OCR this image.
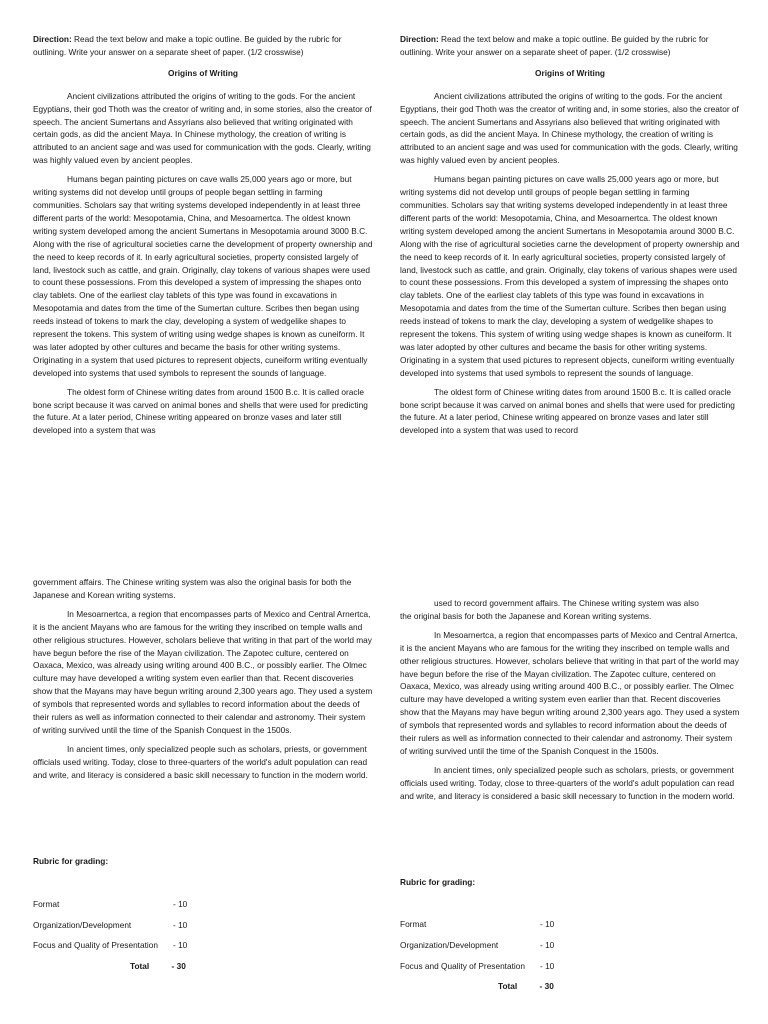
Direction: Read the text below and make a topic outline. Be guided by the rubric for outlining. Write your answer on a separate sheet of paper. (1/2 crosswise)

Origins of Writing

Ancient civilizations attributed the origins of writing to the gods. For the ancient Egyptians, their god Thoth was the creator of writing and, in some stories, also the creator of speech. The ancient Sumertans and Assyrians also believed that writing originated with certain gods, as did the ancient Maya. In Chinese mythology, the creation of writing is attributed to an ancient sage and was used for communication with the gods. Clearly, writing was highly valued even by ancient peoples.

Humans began painting pictures on cave walls 25,000 years ago or more, but writing systems did not develop until groups of people began settling in farming communities. Scholars say that writing systems developed independently in at least three different parts of the world: Mesopotamia, China, and Mesoarnertca. The oldest known writing system developed among the ancient Sumertans in Mesopotamia around 3000 B.C. Along with the rise of agricultural societies carne the development of property ownership and the need to keep records of it. In early agricultural societies, property consisted largely of land, livestock such as cattle, and grain. Originally, clay tokens of various shapes were used to count these possessions. From this developed a system of impressing the shapes onto clay tablets. One of the earliest clay tablets of this type was found in excavations in Mesopotamia and dates from the time of the Sumertan culture. Scribes then began using reeds instead of tokens to mark the clay, developing a system of wedgelike shapes to represent the tokens. This system of writing using wedge shapes is known as cuneiform. It was later adopted by other cultures and became the basis for other writing systems. Originating in a system that used pictures to represent objects, cuneiform writing eventually developed into systems that used symbols to represent the sounds of language.

The oldest form of Chinese writing dates from around 1500 B.c. It is called oracle bone script because it was carved on animal bones and shells that were used for predicting the future. At a later period, Chinese writing appeared on bronze vases and later still developed into a system that was

government affairs. The Chinese writing system was also the original basis for both the Japanese and Korean writing systems.

In Mesoarnertca, a region that encompasses parts of Mexico and Central Arnertca, it is the ancient Mayans who are famous for the writing they inscribed on temple walls and other religious structures. However, scholars believe that writing in that part of the world may have begun before the rise of the Mayan civilization. The Zapotec culture, centered on Oaxaca, Mexico, was already using writing around 400 B.C., or possibly earlier. The Olmec culture may have developed a writing system even earlier than that. Recent discoveries show that the Mayans may have begun writing around 2,300 years ago. They used a system of symbols that represented words and syllables to record information about the deeds of their rulers as well as information connected to their calendar and astronomy. Their system of writing survived until the time of the Spanish Conquest in the 1500s.

In ancient times, only specialized people such as scholars, priests, or government officials used writing. Today, close to three-quarters of the world's adult population can read and write, and literacy is considered a basic skill necessary to function in the modern world.

Rubric for grading:
Format	- 10
Organization/Development	- 10
Focus and Quality of Presentation - 10
Total	- 30

Direction: Read the text below and make a topic outline. Be guided by the rubric for outlining. Write your answer on a separate sheet of paper. (1/2 crosswise)

Origins of Writing

Ancient civilizations attributed the origins of writing to the gods. For the ancient Egyptians, their god Thoth was the creator of writing and, in some stories, also the creator of speech. The ancient Sumertans and Assyrians also believed that writing originated with certain gods, as did the ancient Maya. In Chinese mythology, the creation of writing is attributed to an ancient sage and was used for communication with the gods. Clearly, writing was highly valued even by ancient peoples.

Humans began painting pictures on cave walls 25,000 years ago or more, but writing systems did not develop until groups of people began settling in farming communities. Scholars say that writing systems developed independently in at least three different parts of the world: Mesopotamia, China, and Mesoarnertca. The oldest known writing system developed among the ancient Sumertans in Mesopotamia around 3000 B.C. Along with the rise of agricultural societies carne the development of property ownership and the need to keep records of it. In early agricultural societies, property consisted largely of land, livestock such as cattle, and grain. Originally, clay tokens of various shapes were used to count these possessions. From this developed a system of impressing the shapes onto clay tablets. One of the earliest clay tablets of this type was found in excavations in Mesopotamia and dates from the time of the Sumertan culture. Scribes then began using reeds instead of tokens to mark the clay, developing a system of wedgelike shapes to represent the tokens. This system of writing using wedge shapes is known as cuneiform. It was later adopted by other cultures and became the basis for other writing systems. Originating in a system that used pictures to represent objects, cuneiform writing eventually developed into systems that used symbols to represent the sounds of language.

The oldest form of Chinese writing dates from around 1500 B.c. It is called oracle bone script because it was carved on animal bones and shells that were used for predicting the future. At a later period, Chinese writing appeared on bronze vases and later still developed into a system that was used to record

used to record government affairs. The Chinese writing system was also

the original basis for both the Japanese and Korean writing systems.

In Mesoarnertca, a region that encompasses parts of Mexico and Central Arnertca, it is the ancient Mayans who are famous for the writing they inscribed on temple walls and other religious structures. However, scholars believe that writing in that part of the world may have begun before the rise of the Mayan civilization. The Zapotec culture, centered on Oaxaca, Mexico, was already using writing around 400 B.C., or possibly earlier. The Olmec culture may have developed a writing system even earlier than that. Recent discoveries show that the Mayans may have begun writing around 2,300 years ago. They used a system of symbols that represented words and syllables to record information about the deeds of their rulers as well as information connected to their calendar and astronomy. Their system of writing survived until the time of the Spanish Conquest in the 1500s.

In ancient times, only specialized people such as scholars, priests, or government officials used writing. Today, close to three-quarters of the world's adult population can read and write, and literacy is considered a basic skill necessary to function in the modern world.

Rubric for grading:
Format	- 10
Organization/Development	- 10
Focus and Quality of Presentation - 10
Total	- 30
